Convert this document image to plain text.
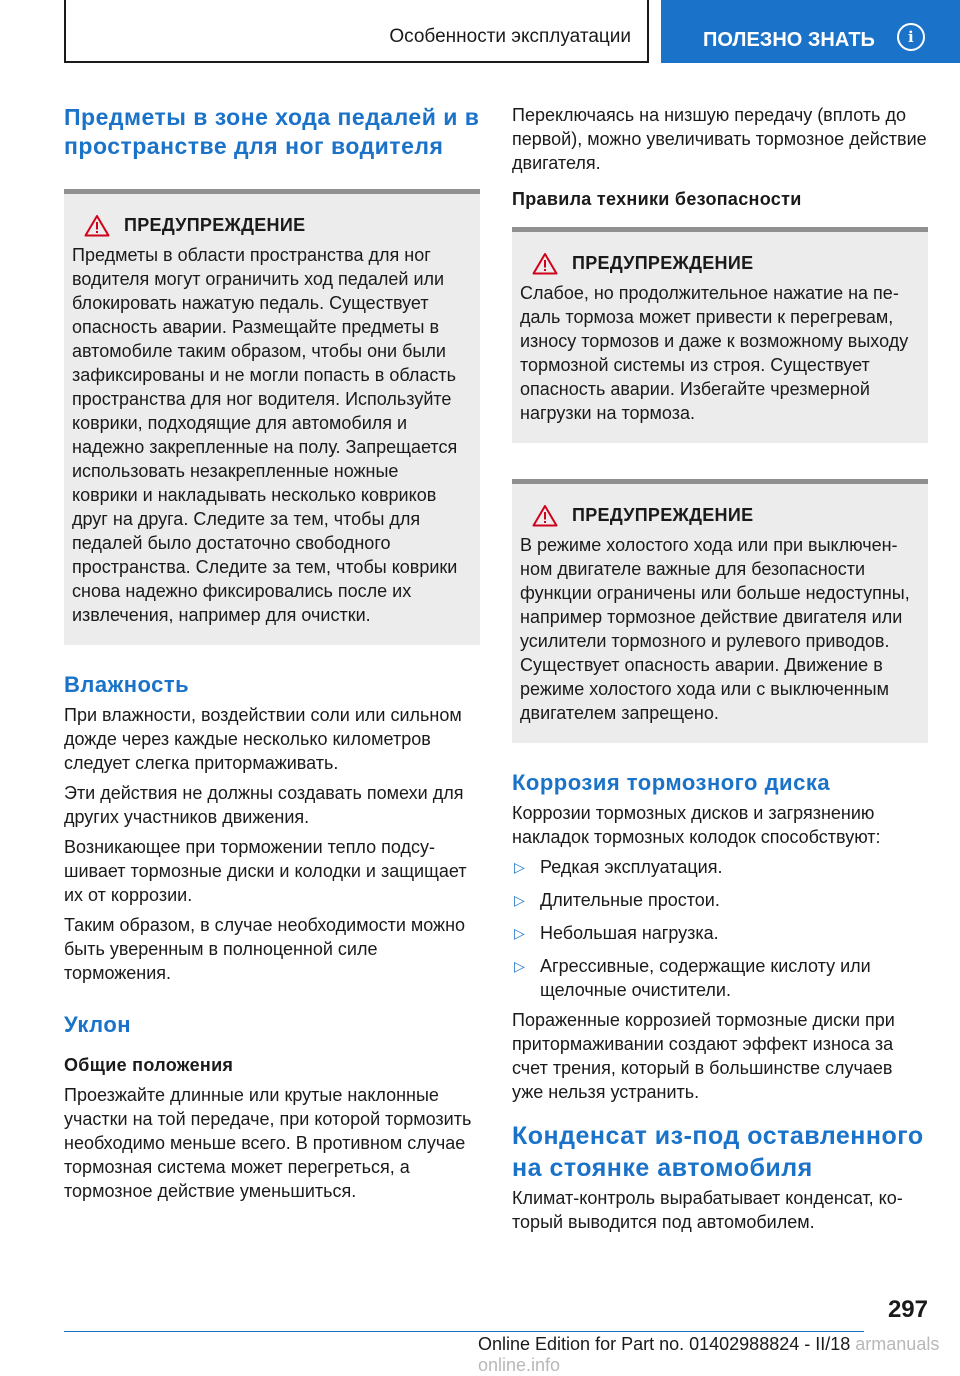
Особенности эксплуатации	ПОЛЕЗНО ЗНАТЬ	i
Предметы в зоне хода педалей и в пространстве для ног водителя
ПРЕДУПРЕЖДЕНИЕ

Предметы в области пространства для ног водителя могут ограничить ход педалей или блокировать нажатую педаль. Существует опасность аварии. Размещайте предметы в автомобиле таким образом, чтобы они были зафиксированы и не могли попасть в область пространства для ног водителя. Используйте коврики, подходящие для автомобиля и надежно закрепленные на полу. Запрещается использовать незакрепленные ножные коврики и накладывать несколько ковриков друг на друга. Следите за тем, чтобы для педалей было достаточно свободного пространства. Следите за тем, чтобы коврики снова надежно фиксировались после их извлечения, например для очистки.

Влажность

При влажности, воздействии соли или сильном дожде через каждые несколько километров следует слегка притормаживать.

Эти действия не должны создавать помехи для других участников движения.

Возникающее при торможении тепло подсушивает тормозные диски и колодки и защищает их от коррозии.

Таким образом, в случае необходимости можно быть уверенным в полноценной силе торможения.

Уклон
Общие положения

Проезжайте длинные или крутые наклонные участки на той передаче, при которой тормозить необходимо меньше всего. В противном случае тормозная система может перегреться, а тормозное действие уменьшиться.

Переключаясь на низшую передачу (вплоть до первой), можно увеличивать тормозное действие двигателя.

Правила техники безопасности
ПРЕДУПРЕЖДЕНИЕ

Слабое, но продолжительное нажатие на педаль тормоза может привести к перегревам, износу тормозов и даже к возможному выходу тормозной системы из строя. Существует опасность аварии. Избегайте чрезмерной нагрузки на тормоза.

ПРЕДУПРЕЖДЕНИЕ

В режиме холостого хода или при выключенном двигателе важные для безопасности функции ограничены или больше недоступны, например тормозное действие двигателя или усилители тормозного и рулевого приводов. Существует опасность аварии. Движение в режиме холостого хода или с выключенным двигателем запрещено.

Коррозия тормозного диска

Коррозии тормозных дисков и загрязнению накладок тормозных колодок способствуют:

▷ Редкая эксплуатация.
▷ Длительные простои.
▷ Небольшая нагрузка.
▷ Агрессивные, содержащие кислоту или щелочные очистители.

Пораженные коррозией тормозные диски при притормаживании создают эффект износа за счет трения, который в большинстве случаев уже нельзя устранить.

Конденсат из-под оставленного на стоянке автомобиля

Климат-контроль вырабатывает конденсат, который выводится под автомобилем.

297
Online Edition for Part no. 01402988824 - II/18 armanuals online.info
